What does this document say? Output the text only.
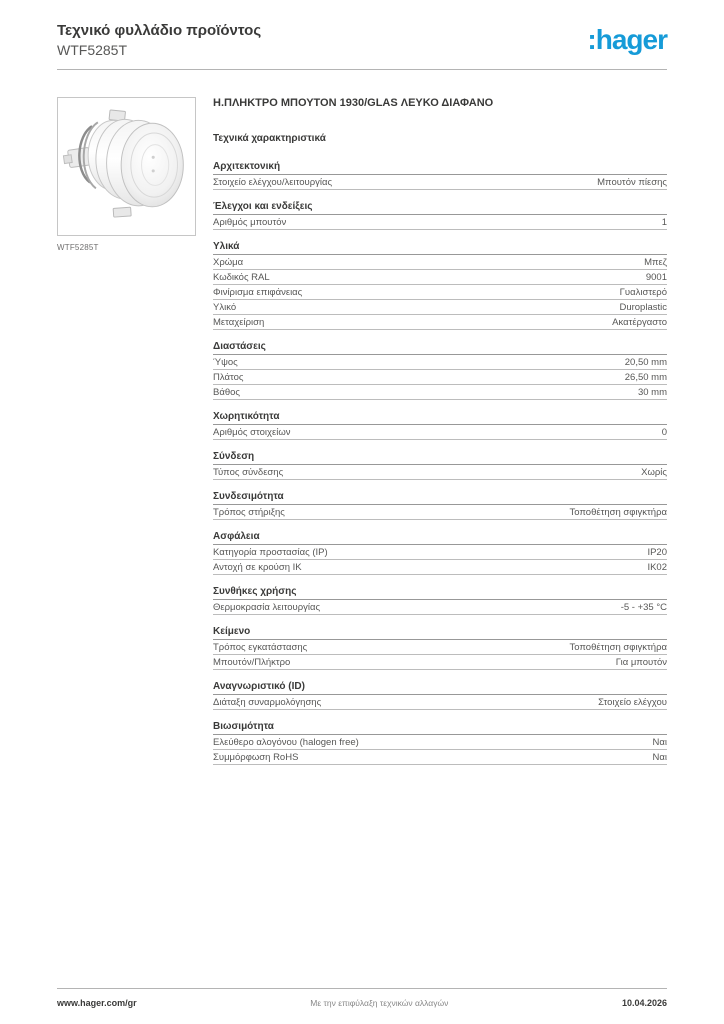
Τεχνικό φυλλάδιο προϊόντος
WTF5285T	:hager
WTF5285T
Η.ΠΛΗΚΤΡΟ ΜΠΟΥΤΟΝ 1930/GLAS ΛΕΥΚΟ ΔΙΑΦΑΝΟ
Τεχνικά χαρακτηριστικά
Αρχιτεκτονική
Στοιχείο ελέγχου/λειτουργίας	Μπουτόν πίεσης
Έλεγχοι και ενδείξεις
Αριθμός μπουτόν	1
Υλικά
Χρώμα	Μπεζ
Κωδικός RAL	9001
Φινίρισμα επιφάνειας	Γυαλιστερό
Υλικό	Duroplastic
Μεταχείριση	Ακατέργαστο
Διαστάσεις
Ύψος	20,50 mm
Πλάτος	26,50 mm
Βάθος	30 mm
Χωρητικότητα
Αριθμός στοιχείων	0
Σύνδεση
Τύπος σύνδεσης	Χωρίς
Συνδεσιμότητα
Τρόπος στήριξης	Τοποθέτηση σφιγκτήρα
Ασφάλεια
Κατηγορία προστασίας (IP)	IP20
Αντοχή σε κρούση IK	IK02
Συνθήκες χρήσης
Θερμοκρασία λειτουργίας	-5 - +35 °C
Κείμενο
Τρόπος εγκατάστασης	Τοποθέτηση σφιγκτήρα
Μπουτόν/Πλήκτρο	Για μπουτόν
Αναγνωριστικό (ID)
Διάταξη συναρμολόγησης	Στοιχείο ελέγχου
Βιωσιμότητα
Ελεύθερο αλογόνου (halogen free)	Ναι
Συμμόρφωση RoHS	Ναι
www.hager.com/gr	Με την επιφύλαξη τεχνικών αλλαγών	10.04.2026
